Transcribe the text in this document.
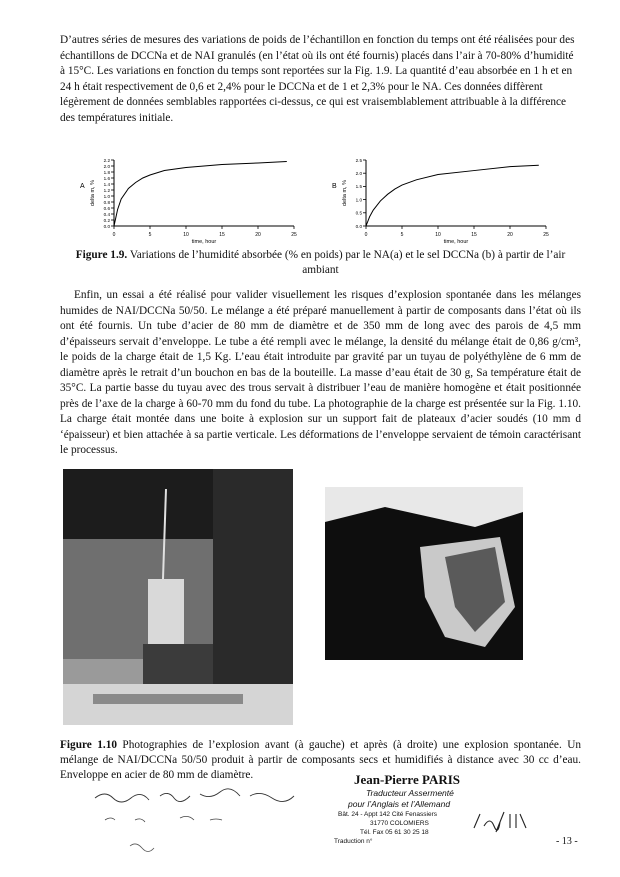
D’autres séries de mesures des variations de poids de l’échantillon en fonction du temps ont été réalisées pour des échantillons de DCCNa et de NAI granulés (en l’état où ils ont été fournis) placés dans l’air à 70-80% d’humidité à 15°C. Les variations en fonction du temps sont reportées sur la Fig. 1.9. La quantité d’eau absorbée en 1 h et en 24 h était respectivement de 0,6 et 2,4% pour le DCCNa et de 1 et 2,3% pour le NA. Ces données diffèrent légèrement de données semblables rapportées ci-dessus, ce qui est vraisemblablement attribuable à la différence des températures initiale.

A
0	5	10	15	20	25
0.0
0.2
0.4
0.6
0.8
1.0
1.2
1.4
1.6
1.8
2.0
2.2
time, hour
delta m, %	B
0	5	10	15	20	25
0.0
0.5
1.0
1.5
2.0
2.5
time, hour
delta m, %

Figure 1.9. Variations de l’humidité absorbée (% en poids) par le NA(a) et le sel DCCNa (b) à partir de l’air ambiant

Enfin, un essai a été réalisé pour valider visuellement les risques d’explosion spontanée dans les mélanges humides de NAI/DCCNa 50/50. Le mélange a été préparé manuellement à partir de composants dans l’état où ils ont été fournis. Un tube d’acier de 80 mm de diamètre et de 350 mm de long avec des parois de 4,5 mm d’épaisseurs servait d’enveloppe. Le tube a été rempli avec le mélange, la densité du mélange était de 0,86 g/cm³, le poids de la charge était de 1,5 Kg. L’eau était introduite par gravité par un tuyau de polyéthylène de 6 mm de diamètre après le retrait d’un bouchon en bas de la bouteille. La masse d’eau était de 30 g, Sa température était de 35°C. La partie basse du tuyau avec des trous servait à distribuer l’eau de manière homogène et était positionnée près de l’axe de la charge à 60-70 mm du fond du tube. La photographie de la charge est présentée sur la Fig. 1.10. La charge était montée dans une boite à explosion sur un support fait de plateaux d’acier soudés (10 mm d ‘épaisseur) et bien attachée à sa partie verticale. Les déformations de l’enveloppe servaient de témoin caractérisant le processus.

Figure 1.10 Photographies de l’explosion avant (à gauche) et après (à droite) une explosion spontanée. Un mélange de NAI/DCCNa 50/50 produit à partir de composants secs et humidifiés à distance avec 30 cc d’eau. Enveloppe en acier de 80 mm de diamètre.	Jean-Pierre PARIS
Traducteur Assermenté
pour l’Anglais et l’Allemand
Bât. 24 - Appt 142 Cité Fenassiers
31770 COLOMIERS
Tél. Fax 05 61 30 25 18
Traduction n°	- 13 -
